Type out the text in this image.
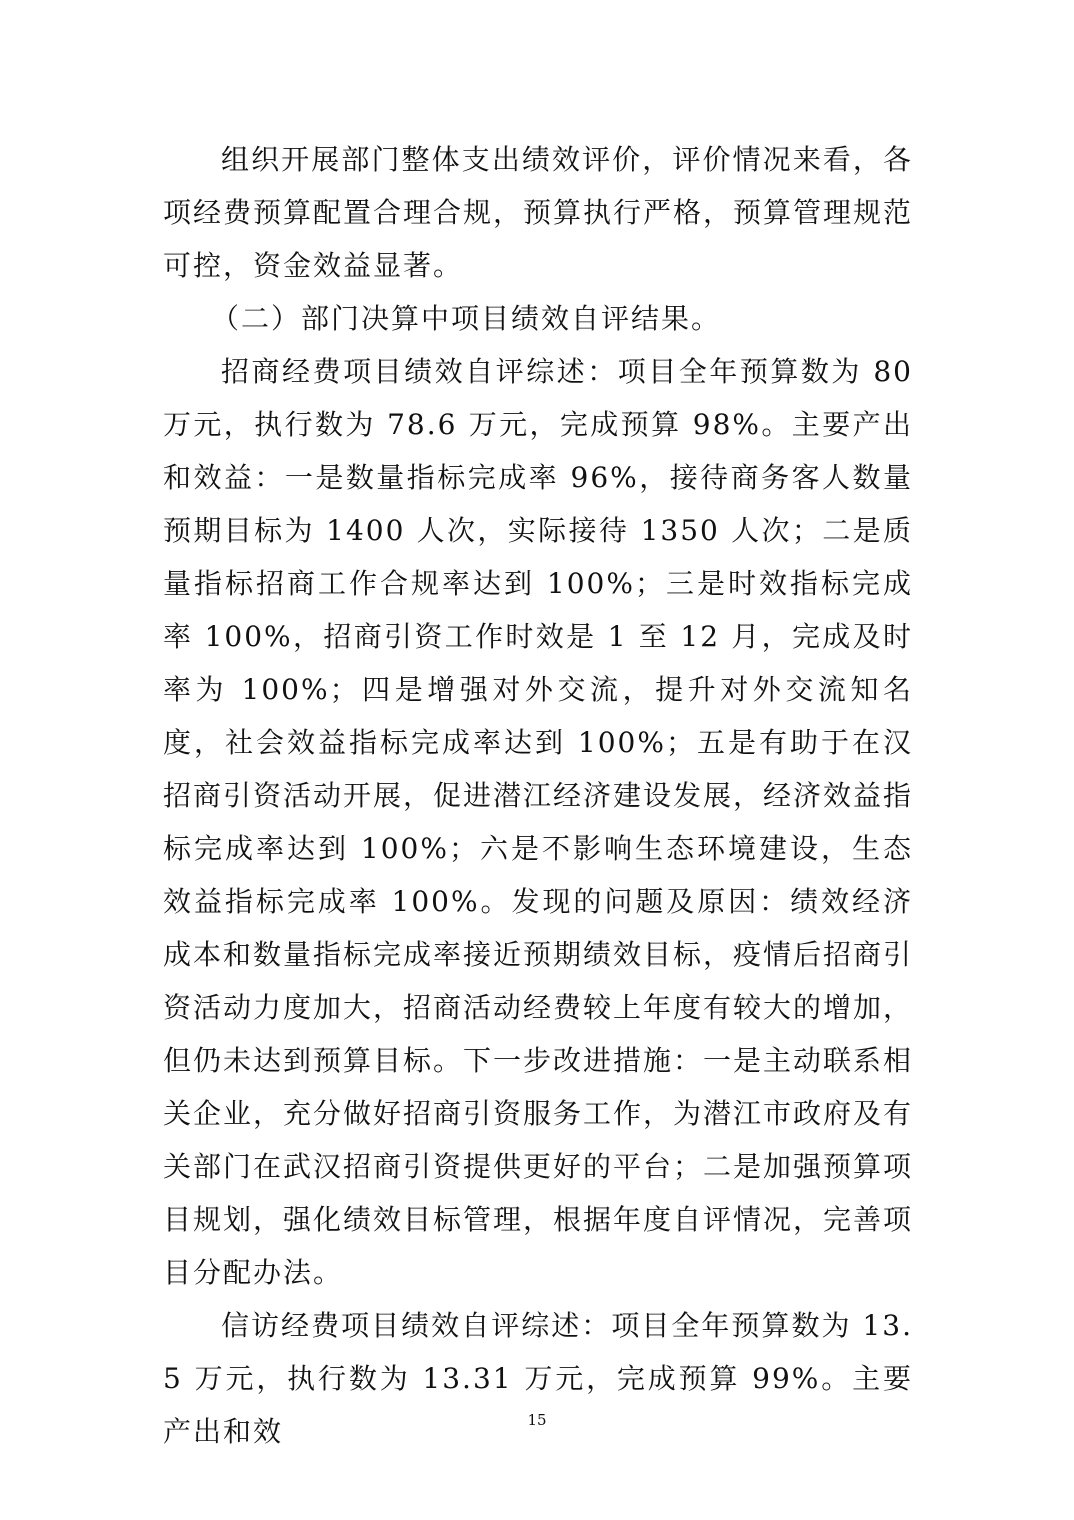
组织开展部门整体支出绩效评价，评价情况来看，各项经费预算配置合理合规，预算执行严格，预算管理规范可控，资金效益显著。

（二）部门决算中项目绩效自评结果。

招商经费项目绩效自评综述：项目全年预算数为 80 万元，执行数为 78.6 万元，完成预算 98%。主要产出和效益：一是数量指标完成率 96%，接待商务客人数量预期目标为 1400 人次，实际接待 1350 人次；二是质量指标招商工作合规率达到 100%；三是时效指标完成率 100%，招商引资工作时效是 1 至 12 月，完成及时率为 100%；四是增强对外交流，提升对外交流知名度，社会效益指标完成率达到 100%；五是有助于在汉招商引资活动开展，促进潜江经济建设发展，经济效益指标完成率达到 100%；六是不影响生态环境建设，生态效益指标完成率 100%。发现的问题及原因：绩效经济成本和数量指标完成率接近预期绩效目标，疫情后招商引资活动力度加大，招商活动经费较上年度有较大的增加，但仍未达到预算目标。下一步改进措施：一是主动联系相关企业，充分做好招商引资服务工作，为潜江市政府及有关部门在武汉招商引资提供更好的平台；二是加强预算项目规划，强化绩效目标管理，根据年度自评情况，完善项目分配办法。

信访经费项目绩效自评综述：项目全年预算数为 13.5 万元，执行数为 13.31 万元，完成预算 99%。主要产出和效	15
